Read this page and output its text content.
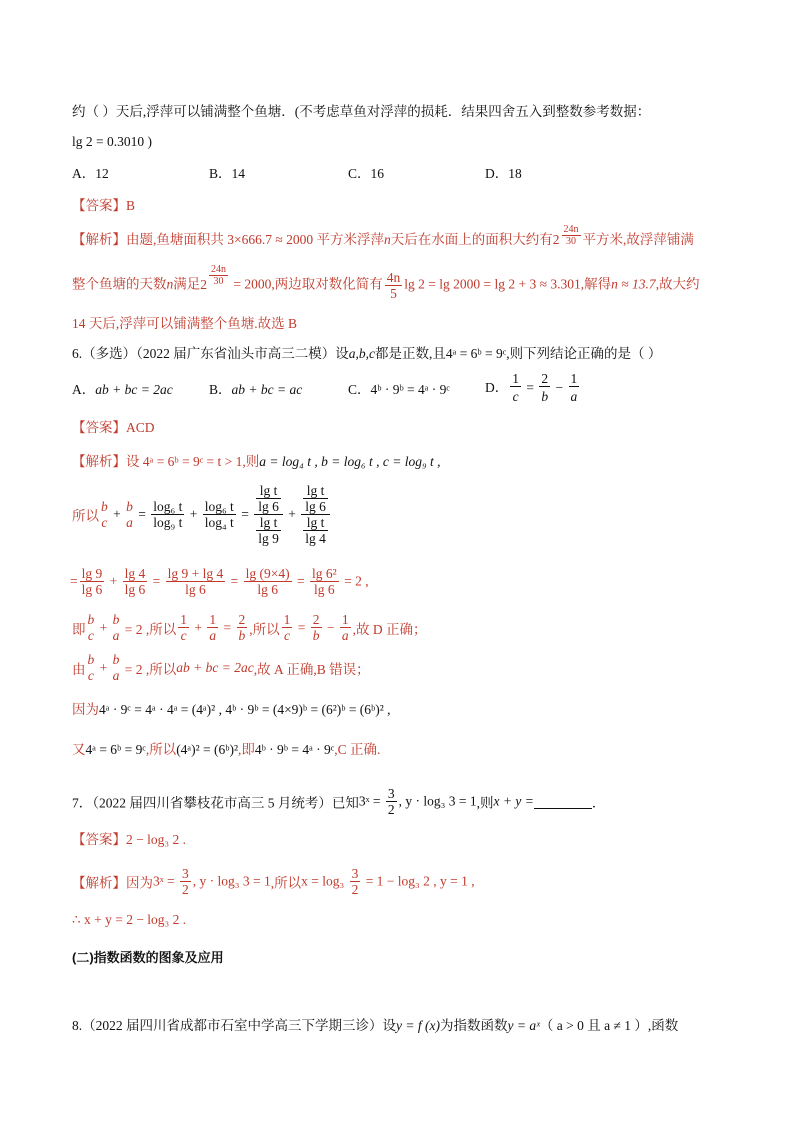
约（ ）天后,浮萍可以铺满整个鱼塘．(不考虑草鱼对浮萍的损耗．结果四舍五入到整数参考数据：
lg 2 = 0.3010 )
A．12	B．14	C．16	D．18
【答案】B
【解析】由题,鱼塘面积共 3×666.7 ≈ 2000 平方米浮萍n天后在水面上的面积大约有$2 \frac{24n}{30}$ 平方米,故浮萍铺满
整个鱼塘的天数n满足$2 \frac{24n}{30} = 2000$,两边取对数化简有 $\frac{4n}{5}$ lg 2 = lg 2000 = lg 2 + 3 ≈ 3.301,解得n ≈ 13.7,故大约
14 天后,浮萍可以铺满整个鱼塘.故选 B
6.（多选）（2022 届广东省汕头市高三二模）设a,b,c都是正数,且4ᵃ = 6ᵇ = 9ᶜ,则下列结论正确的是（ ）
A．ab + bc = 2ac	B．ab + bc = ac	C．4ᵇ · 9ᵇ = 4ᵃ · 9ᶜ	D． $\frac{1}{c} = \frac{2}{b} - \frac{1}{a}$
【答案】ACD
【解析】设 4ᵃ = 6ᵇ = 9ᶜ = t > 1,则a = log₄ t , b = log₆ t , c = log₉ t ,
所以
b
c
+
b
a
= $\frac{\text{log₆ t}}{\text{log₉ t}} + \frac{\text{log₆ t}}{\text{log₄ t}} = \frac{\frac{\text{lg t}}{\lg 6}}{\frac{\text{lg t}}{\lg 9}} + \frac{\frac{\text{lg t}}{\lg 6}}{\frac{\text{lg t}}{\lg 4}}$
= $\frac{\lg 9}{\lg 6} + \frac{\lg 4}{\lg 6} = \frac{\lg 9 + \lg 4}{\lg 6} = \frac{\lg (9\times 4)}{\lg 6} = \frac{\text{lg 6²}}{\lg 6} = 2$ ,
即
b
c
+
b
a = 2 ,所以 $\frac{1}{c} + \frac{1}{a} = \frac{2}{b}$ ,所以 $\frac{1}{c} = \frac{2}{b} - \frac{1}{a}$ ,故 D 正确；
由
b
c
+
b
a = 2 ,所以ab + bc = 2ac,故 A 正确,B 错误；
因为4ᵃ · 9ᶜ = 4ᵃ · 4ᵃ = (4ᵃ)² , 4ᵇ · 9ᵇ = (4×9)ᵇ = (6²)ᵇ = (6ᵇ)² ,
又4ᵃ = 6ᵇ = 9ᶜ,所以(4ᵃ)² = (6ᵇ)²,即4ᵇ · 9ᵇ = 4ᵃ · 9ᶜ,C 正确.
7．（2022 届四川省攀枝花市高三 5 月统考）已知3ˣ = $\frac{3}{2}$ , y · log₃ 3 = 1,则x + y =	．
【答案】2 − log₃ 2 .
【解析】因为3ˣ = $\frac{3}{2}$ , y · log₃ 3 = 1,所以$x = \log_3 \frac{3}{2} = 1 - \log_3$ 2 , y = 1 ,
∴ x + y = 2 − log₃ 2 .
(二)指数函数的图象及应用
8.（2022 届四川省成都市石室中学高三下学期三诊）设y = f (x)为指数函数y = aˣ（ a > 0 且 a ≠ 1 ）,函数
